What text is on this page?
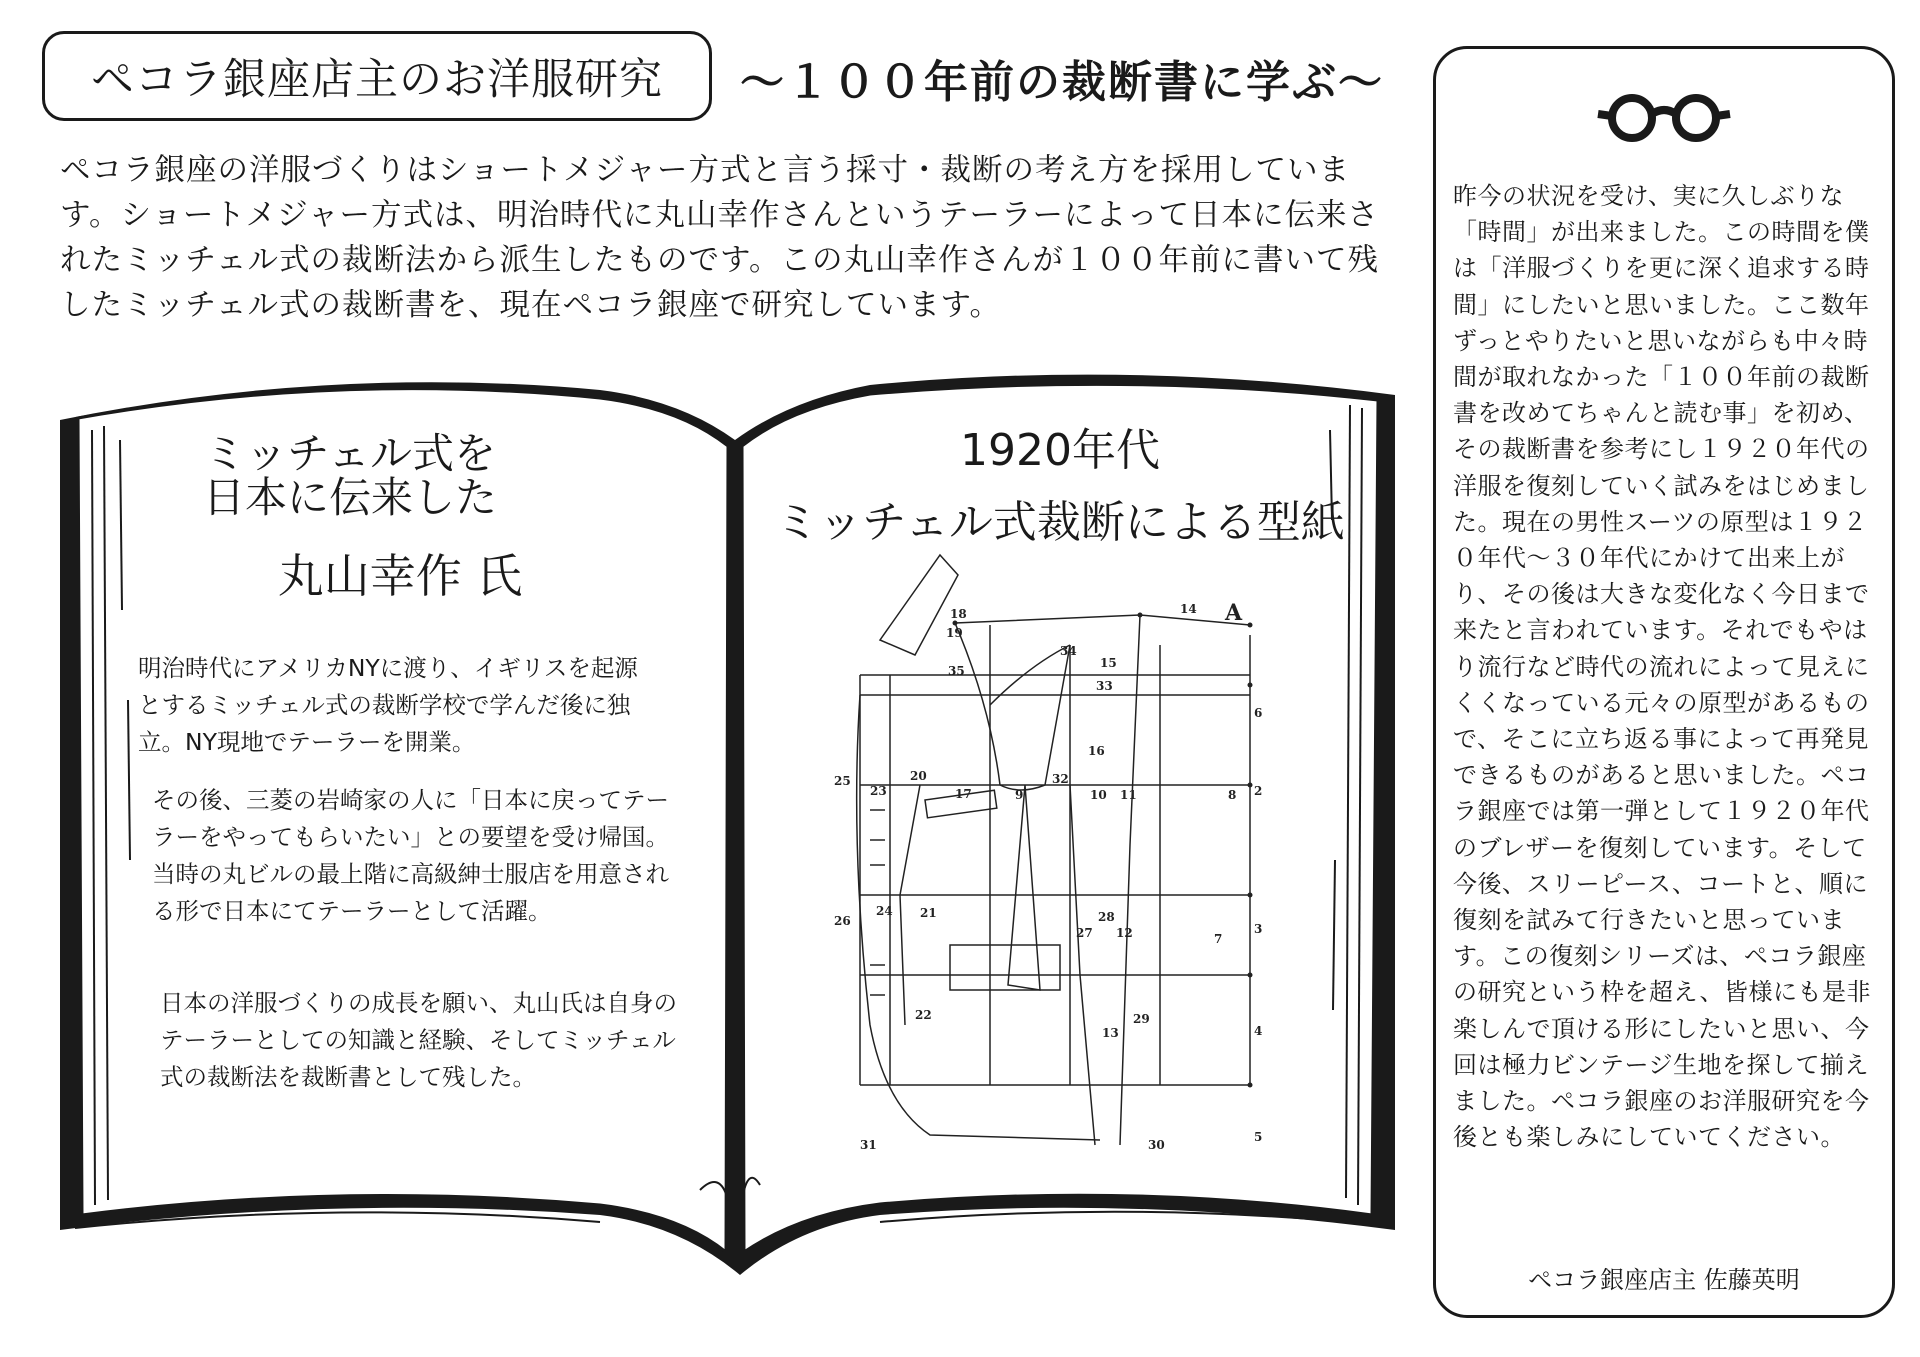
ペコラ銀座店主のお洋服研究 ～１００年前の裁断書に学ぶ～

ペコラ銀座の洋服づくりはショートメジャー方式と言う採寸・裁断の考え方を採用しています。ショートメジャー方式は、明治時代に丸山幸作さんというテーラーによって日本に伝来されたミッチェル式の裁断法から派生したものです。この丸山幸作さんが１００年前に書いて残したミッチェル式の裁断書を、現在ペコラ銀座で研究しています。

ミッチェル式を
日本に伝来した
丸山幸作 氏

明治時代にアメリカNYに渡り、イギリスを起源とするミッチェル式の裁断学校で学んだ後に独立。NY現地でテーラーを開業。

その後、三菱の岩崎家の人に「日本に戻ってテーラーをやってもらいたい」との要望を受け帰国。当時の丸ビルの最上階に高級紳士服店を用意される形で日本にてテーラーとして活躍。

日本の洋服づくりの成長を願い、丸山氏は自身のテーラーとしての知識と経験、そしてミッチェル式の裁断法を裁断書として残した。

1920年代
ミッチェル式裁断による型紙
A
14
18
19
34
15
35
33
6
16
25
23
20
17	9
32
10 11	8 2
26
24 21	28
27 12	7
3
22	29
13	4
31	30
5

昨今の状況を受け、実に久しぶりな「時間」が出来ました。この時間を僕は「洋服づくりを更に深く追求する時間」にしたいと思いました。ここ数年ずっとやりたいと思いながらも中々時間が取れなかった「１００年前の裁断書を改めてちゃんと読む事」を初め、その裁断書を参考にし１９２０年代の洋服を復刻していく試みをはじめました。現在の男性スーツの原型は１９２０年代～３０年代にかけて出来上がり、その後は大きな変化なく今日まで来たと言われています。それでもやはり流行など時代の流れによって見えにくくなっている元々の原型があるもので、そこに立ち返る事によって再発見できるものがあると思いました。ペコラ銀座では第一弾として１９２０年代のブレザーを復刻しています。そして今後、スリーピース、コートと、順に復刻を試みて行きたいと思っています。この復刻シリーズは、ペコラ銀座の研究という枠を超え、皆様にも是非楽しんで頂ける形にしたいと思い、今回は極力ビンテージ生地を探して揃えました。ペコラ銀座のお洋服研究を今後とも楽しみにしていてください。

ペコラ銀座店主 佐藤英明
